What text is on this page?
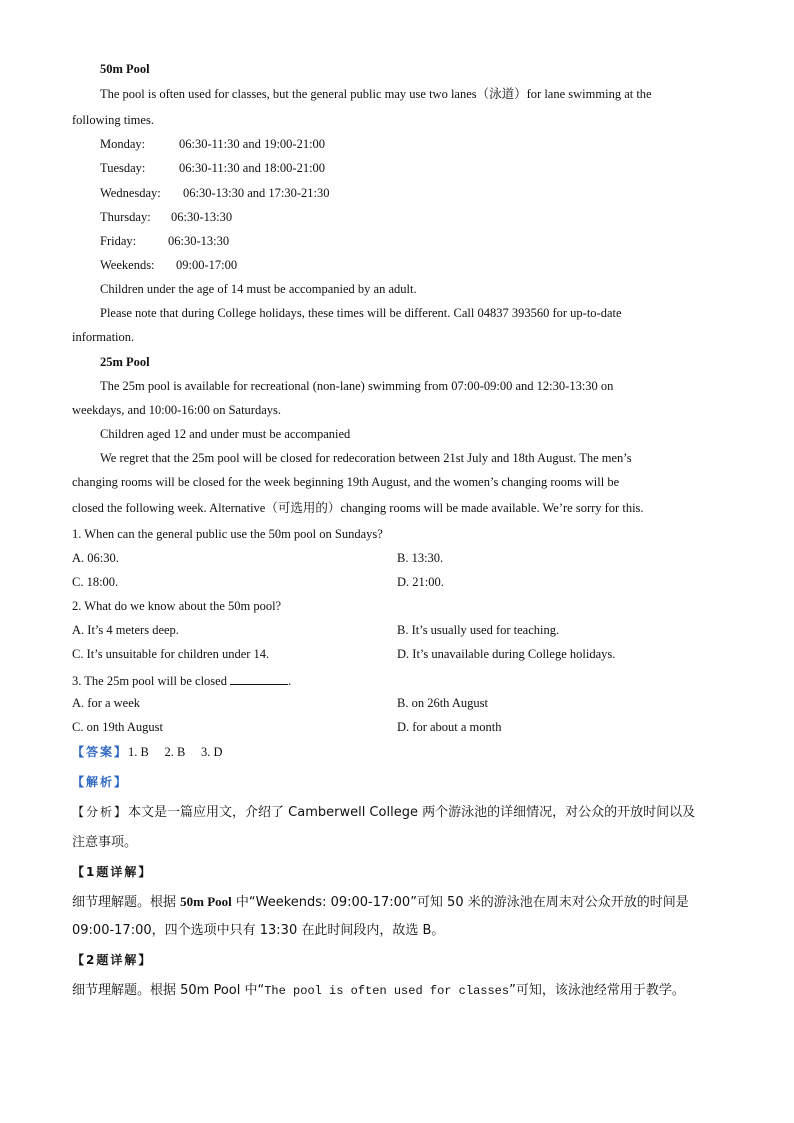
50m Pool
The pool is often used for classes, but the general public may use two lanes（泳道）for lane swimming at the
following times.
Monday:	06:30-11:30 and 19:00-21:00
Tuesday:	06:30-11:30 and 18:00-21:00
Wednesday: 06:30-13:30 and 17:30-21:30
Thursday: 06:30-13:30
Friday:	06:30-13:30
Weekends: 09:00-17:00
Children under the age of 14 must be accompanied by an adult.
Please note that during College holidays, these times will be different. Call 04837 393560 for up-to-date
information.
25m Pool
The 25m pool is available for recreational (non-lane) swimming from 07:00-09:00 and 12:30-13:30 on
weekdays, and 10:00-16:00 on Saturdays.
Children aged 12 and under must be accompanied
We regret that the 25m pool will be closed for redecoration between 21st July and 18th August. The men’s
changing rooms will be closed for the week beginning 19th August, and the women’s changing rooms will be
closed the following week. Alternative（可选用的）changing rooms will be made available. We’re sorry for this.
1. When can the general public use the 50m pool on Sundays?
A. 06:30.	B. 13:30.
C. 18:00.	D. 21:00.
2. What do we know about the 50m pool?
A. It’s 4 meters deep.	B. It’s usually used for teaching.
C. It’s unsuitable for children under 14.	D. It’s unavailable during College holidays.
3. The 25m pool will be closed	.
A. for a week	B. on 26th August
C. on 19th August	D. for about a month
【答案】1. B     2. B     3. D
【解析】
【分析】本文是一篇应用文，介绍了 Camberwell College 两个游泳池的详细情况，对公众的开放时间以及
注意事项。
【1题详解】
细节理解题。根据 50m Pool 中“Weekends: 09:00-17:00”可知 50 米的游泳池在周末对公众开放的时间是
09:00-17:00，四个选项中只有 13:30 在此时间段内，故选 B。
【2题详解】
细节理解题。根据 50m Pool 中“The pool is often used for classes”可知，该泳池经常用于教学。
